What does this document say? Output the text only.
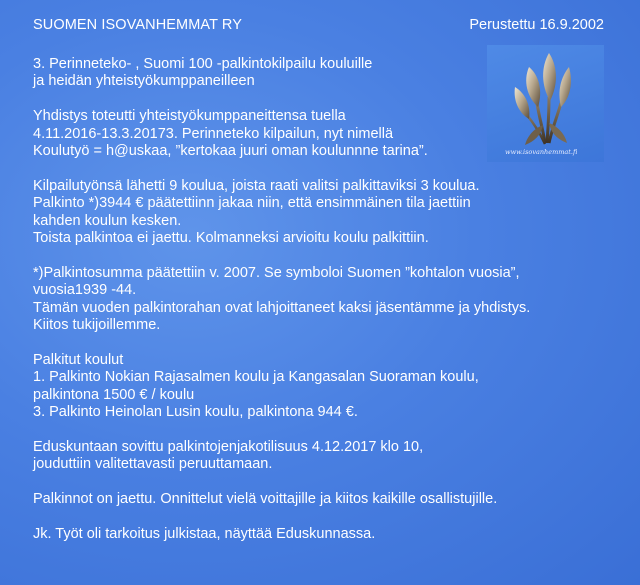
SUOMEN ISOVANHEMMAT RY	Perustettu 16.9.2002
www.isovanhemmat.fi
3. Perinneteko- , Suomi 100 -palkintokilpailu kouluille
ja heidän yhteistyökumppaneilleen
Yhdistys toteutti yhteistyökumppaneittensa tuella
4.11.2016-13.3.20173. Perinneteko kilpailun, nyt nimellä
Koulutyö = h@uskaa, ”kertokaa juuri oman koulunnne tarina”.
Kilpailutyönsä lähetti 9 koulua, joista raati valitsi palkittaviksi 3 koulua.
Palkinto *)3944 € päätettiinn jakaa niin, että ensimmäinen tila jaettiin
kahden koulun kesken.
Toista palkintoa ei jaettu. Kolmanneksi arvioitu koulu palkittiin.
*)Palkintosumma päätettiin v. 2007. Se symboloi Suomen ”kohtalon vuosia”,
vuosia1939 -44.
Tämän vuoden palkintorahan ovat lahjoittaneet kaksi jäsentämme ja yhdistys.
Kiitos tukijoillemme.
Palkitut koulut
1. Palkinto Nokian Rajasalmen koulu ja Kangasalan Suoraman koulu,
palkintona 1500 € / koulu
3. Palkinto Heinolan Lusin koulu, palkintona 944 €.
Eduskuntaan sovittu palkintojenjakotilisuus 4.12.2017 klo 10,
jouduttiin valitettavasti peruuttamaan.
Palkinnot on jaettu. Onnittelut vielä voittajille ja kiitos kaikille osallistujille.
Jk. Työt oli tarkoitus julkistaa, näyttää Eduskunnassa.
